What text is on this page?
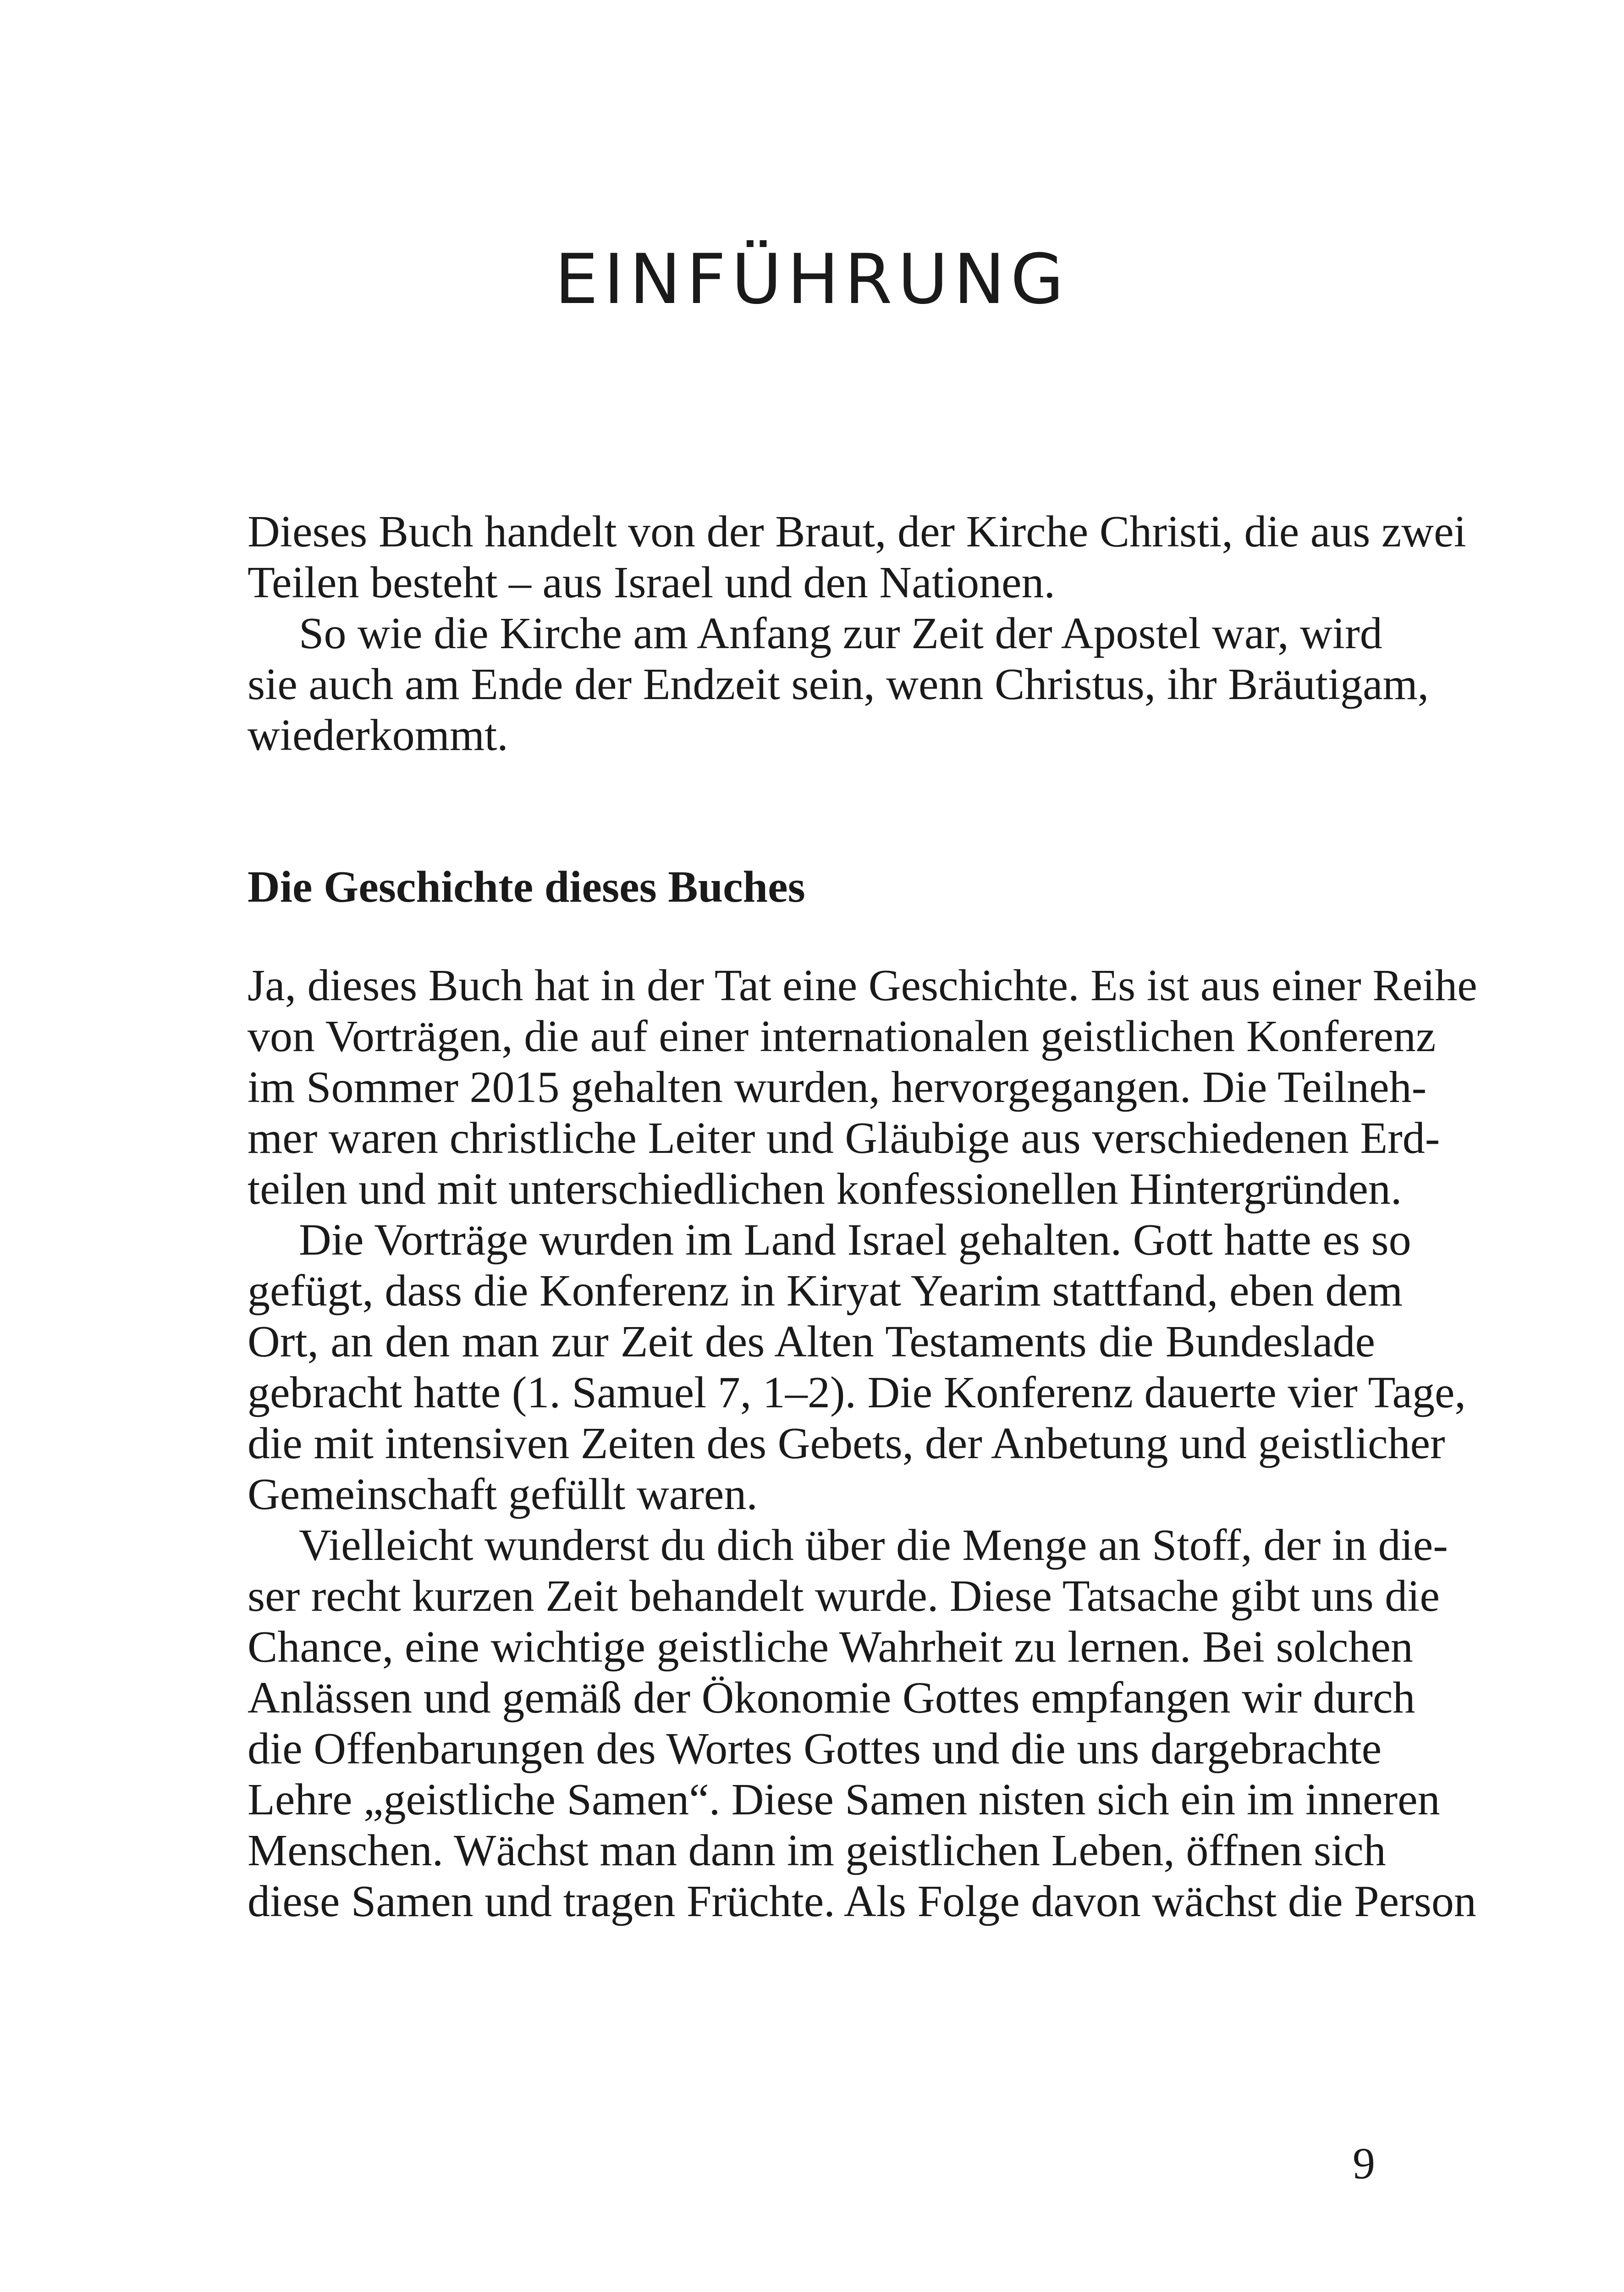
EINFÜHRUNG

Dieses Buch handelt von der Braut, der Kirche Christi, die aus zwei
Teilen besteht – aus Israel und den Nationen.

So wie die Kirche am Anfang zur Zeit der Apostel war, wird
sie auch am Ende der Endzeit sein, wenn Christus, ihr Bräutigam,
wiederkommt.

Die Geschichte dieses Buches

Ja, dieses Buch hat in der Tat eine Geschichte. Es ist aus einer Reihe
von Vorträgen, die auf einer internationalen geistlichen Konferenz
im Sommer 2015 gehalten wurden, hervorgegangen. Die Teilneh-
mer waren christliche Leiter und Gläubige aus verschiedenen Erd-
teilen und mit unterschiedlichen konfessionellen Hintergründen.

Die Vorträge wurden im Land Israel gehalten. Gott hatte es so
gefügt, dass die Konferenz in Kiryat Yearim stattfand, eben dem
Ort, an den man zur Zeit des Alten Testaments die Bundeslade
gebracht hatte (1. Samuel 7, 1–2). Die Konferenz dauerte vier Tage,
die mit intensiven Zeiten des Gebets, der Anbetung und geistlicher
Gemeinschaft gefüllt waren.

Vielleicht wunderst du dich über die Menge an Stoff, der in die-
ser recht kurzen Zeit behandelt wurde. Diese Tatsache gibt uns die
Chance, eine wichtige geistliche Wahrheit zu lernen. Bei solchen
Anlässen und gemäß der Ökonomie Gottes empfangen wir durch
die Offenbarungen des Wortes Gottes und die uns dargebrachte
Lehre „geistliche Samen“. Diese Samen nisten sich ein im inneren
Menschen. Wächst man dann im geistlichen Leben, öffnen sich
diese Samen und tragen Früchte. Als Folge davon wächst die Person

9
